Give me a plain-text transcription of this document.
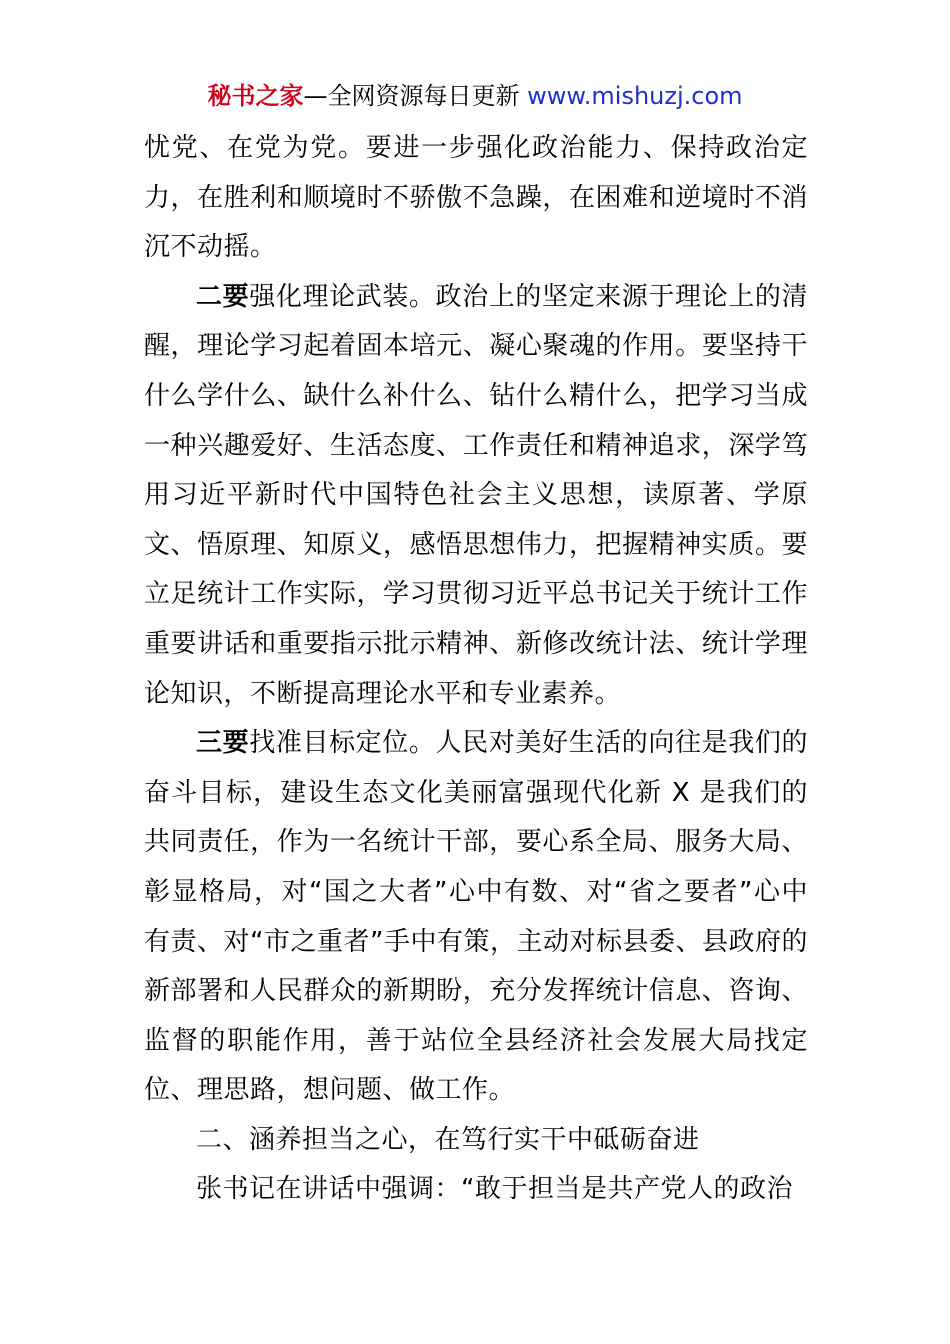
秘书之家—全网资源每日更新 www.mishuzj.com

忧党、在党为党。要进一步强化政治能力、保持政治定力，在胜利和顺境时不骄傲不急躁，在困难和逆境时不消沉不动摇。

二要强化理论武装。政治上的坚定来源于理论上的清醒，理论学习起着固本培元、凝心聚魂的作用。要坚持干什么学什么、缺什么补什么、钻什么精什么，把学习当成一种兴趣爱好、生活态度、工作责任和精神追求，深学笃用习近平新时代中国特色社会主义思想，读原著、学原文、悟原理、知原义，感悟思想伟力，把握精神实质。要立足统计工作实际，学习贯彻习近平总书记关于统计工作重要讲话和重要指示批示精神、新修改统计法、统计学理论知识，不断提高理论水平和专业素养。

三要找准目标定位。人民对美好生活的向往是我们的奋斗目标，建设生态文化美丽富强现代化新 X 是我们的共同责任，作为一名统计干部，要心系全局、服务大局、彰显格局，对“国之大者”心中有数、对“省之要者”心中有责、对“市之重者”手中有策，主动对标县委、县政府的新部署和人民群众的新期盼，充分发挥统计信息、咨询、监督的职能作用，善于站位全县经济社会发展大局找定位、理思路，想问题、做工作。

二、涵养担当之心，在笃行实干中砥砺奋进

张书记在讲话中强调：“敢于担当是共产党人的政治
